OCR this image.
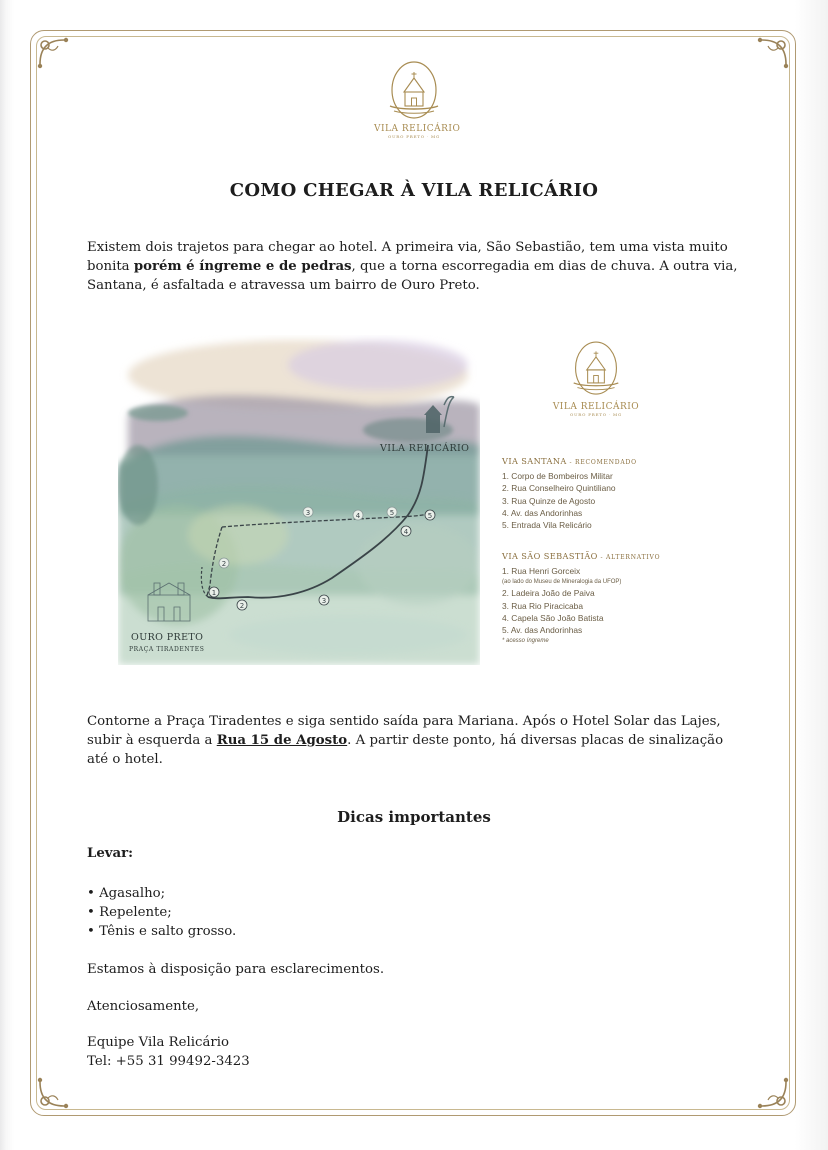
VILA RELICÁRIO
OURO PRETO · MG
COMO CHEGAR À VILA RELICÁRIO
Existem dois trajetos para chegar ao hotel. A primeira via, São Sebastião, tem uma vista muito bonita porém é íngreme e de pedras, que a torna escorregadia em dias de chuva. A outra via, Santana, é asfaltada e atravessa um bairro de Ouro Preto.
1
2
3
4
5
2
3	4	5
VILA RELICÁRIO
OURO PRETO
PRAÇA TIRADENTES
VILA RELICÁRIO
OURO PRETO · MG
VIA SANTANA - RECOMENDADO
1. Corpo de Bombeiros Militar
2. Rua Conselheiro Quintiliano
3. Rua Quinze de Agosto
4. Av. das Andorinhas
5. Entrada Vila Relicário
VIA SÃO SEBASTIÃO - ALTERNATIVO
1. Rua Henri Gorceix
(ao lado do Museu de Mineralogia da UFOP)
2. Ladeira João de Paiva
3. Rua Rio Piracicaba
4. Capela São João Batista
5. Av. das Andorinhas
* acesso íngreme
Contorne a Praça Tiradentes e siga sentido saída para Mariana. Após o Hotel Solar das Lajes, subir à esquerda a Rua 15 de Agosto. A partir deste ponto, há diversas placas de sinalização até o hotel.
Dicas importantes
Levar:
• Agasalho;
• Repelente;
• Tênis e salto grosso.
Estamos à disposição para esclarecimentos.
Atenciosamente,
Equipe Vila Relicário
Tel: +55 31 99492-3423
